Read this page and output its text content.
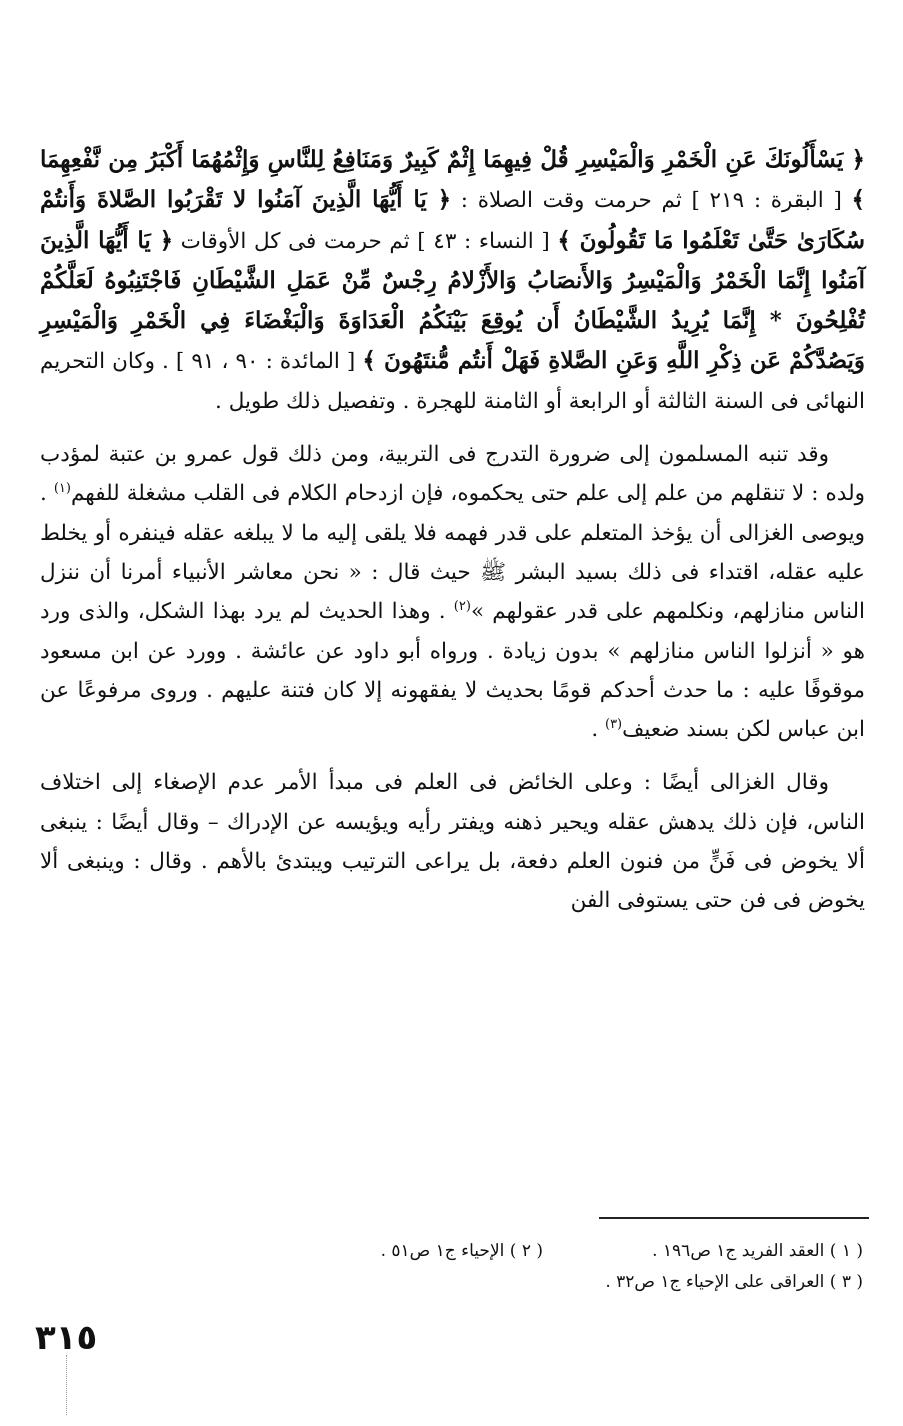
﴿ يَسْأَلُونَكَ عَنِ الْخَمْرِ وَالْمَيْسِرِ قُلْ فِيهِمَا إِثْمٌ كَبِيرٌ وَمَنَافِعُ لِلنَّاسِ وَإِثْمُهُمَا أَكْبَرُ مِن نَّفْعِهِمَا ﴾ [ البقرة : ٢١٩ ] ثم حرمت وقت الصلاة : ﴿ يَا أَيُّهَا الَّذِينَ آمَنُوا لا تَقْرَبُوا الصَّلاةَ وَأَنتُمْ سُكَارَىٰ حَتَّىٰ تَعْلَمُوا مَا تَقُولُونَ ﴾ [ النساء : ٤٣ ] ثم حرمت فى كل الأوقات ﴿ يَا أَيُّهَا الَّذِينَ آمَنُوا إِنَّمَا الْخَمْرُ وَالْمَيْسِرُ وَالأَنصَابُ وَالأَزْلامُ رِجْسٌ مِّنْ عَمَلِ الشَّيْطَانِ فَاجْتَنِبُوهُ لَعَلَّكُمْ تُفْلِحُونَ * إِنَّمَا يُرِيدُ الشَّيْطَانُ أَن يُوقِعَ بَيْنَكُمُ الْعَدَاوَةَ وَالْبَغْضَاءَ فِي الْخَمْرِ وَالْمَيْسِرِ وَيَصُدَّكُمْ عَن ذِكْرِ اللَّهِ وَعَنِ الصَّلاةِ فَهَلْ أَنتُم مُّنتَهُونَ ﴾ [ المائدة : ٩٠ ، ٩١ ] . وكان التحريم النهائى فى السنة الثالثة أو الرابعة أو الثامنة للهجرة . وتفصيل ذلك طويل .

وقد تنبه المسلمون إلى ضرورة التدرج فى التربية، ومن ذلك قول عمرو بن عتبة لمؤدب ولده : لا تنقلهم من علم إلى علم حتى يحكموه، فإن ازدحام الكلام فى القلب مشغلة للفهم$^{(١)}$ . ويوصى الغزالى أن يؤخذ المتعلم على قدر فهمه فلا يلقى إليه ما لا يبلغه عقله فينفره أو يخلط عليه عقله، اقتداء فى ذلك بسيد البشر ﷺ حيث قال : « نحن معاشر الأنبياء أمرنا أن ننزل الناس منازلهم، ونكلمهم على قدر عقولهم »$^{(٢)}$ . وهذا الحديث لم يرد بهذا الشكل، والذى ورد هو « أنزلوا الناس منازلهم » بدون زيادة . ورواه أبو داود عن عائشة . وورد عن ابن مسعود موقوفًا عليه : ما حدث أحدكم قومًا بحديث لا يفقهونه إلا كان فتنة عليهم . وروى مرفوعًا عن ابن عباس لكن بسند ضعيف$^{(٣)}$ .

وقال الغزالى أيضًا : وعلى الخائض فى العلم فى مبدأ الأمر عدم الإصغاء إلى اختلاف الناس، فإن ذلك يدهش عقله ويحير ذهنه ويفتر رأيه ويؤيسه عن الإدراك – وقال أيضًا : ينبغى ألا يخوض فى فَنٍّ من فنون العلم دفعة، بل يراعى الترتيب ويبتدئ بالأهم . وقال : وينبغى ألا يخوض فى فن حتى يستوفى الفن

( ١ ) العقد الفريد ج١ ص١٩٦ .
( ٢ ) الإحياء ج١ ص٥١ .
( ٣ ) العراقى على الإحياء ج١ ص٣٢ .
٣١٥
